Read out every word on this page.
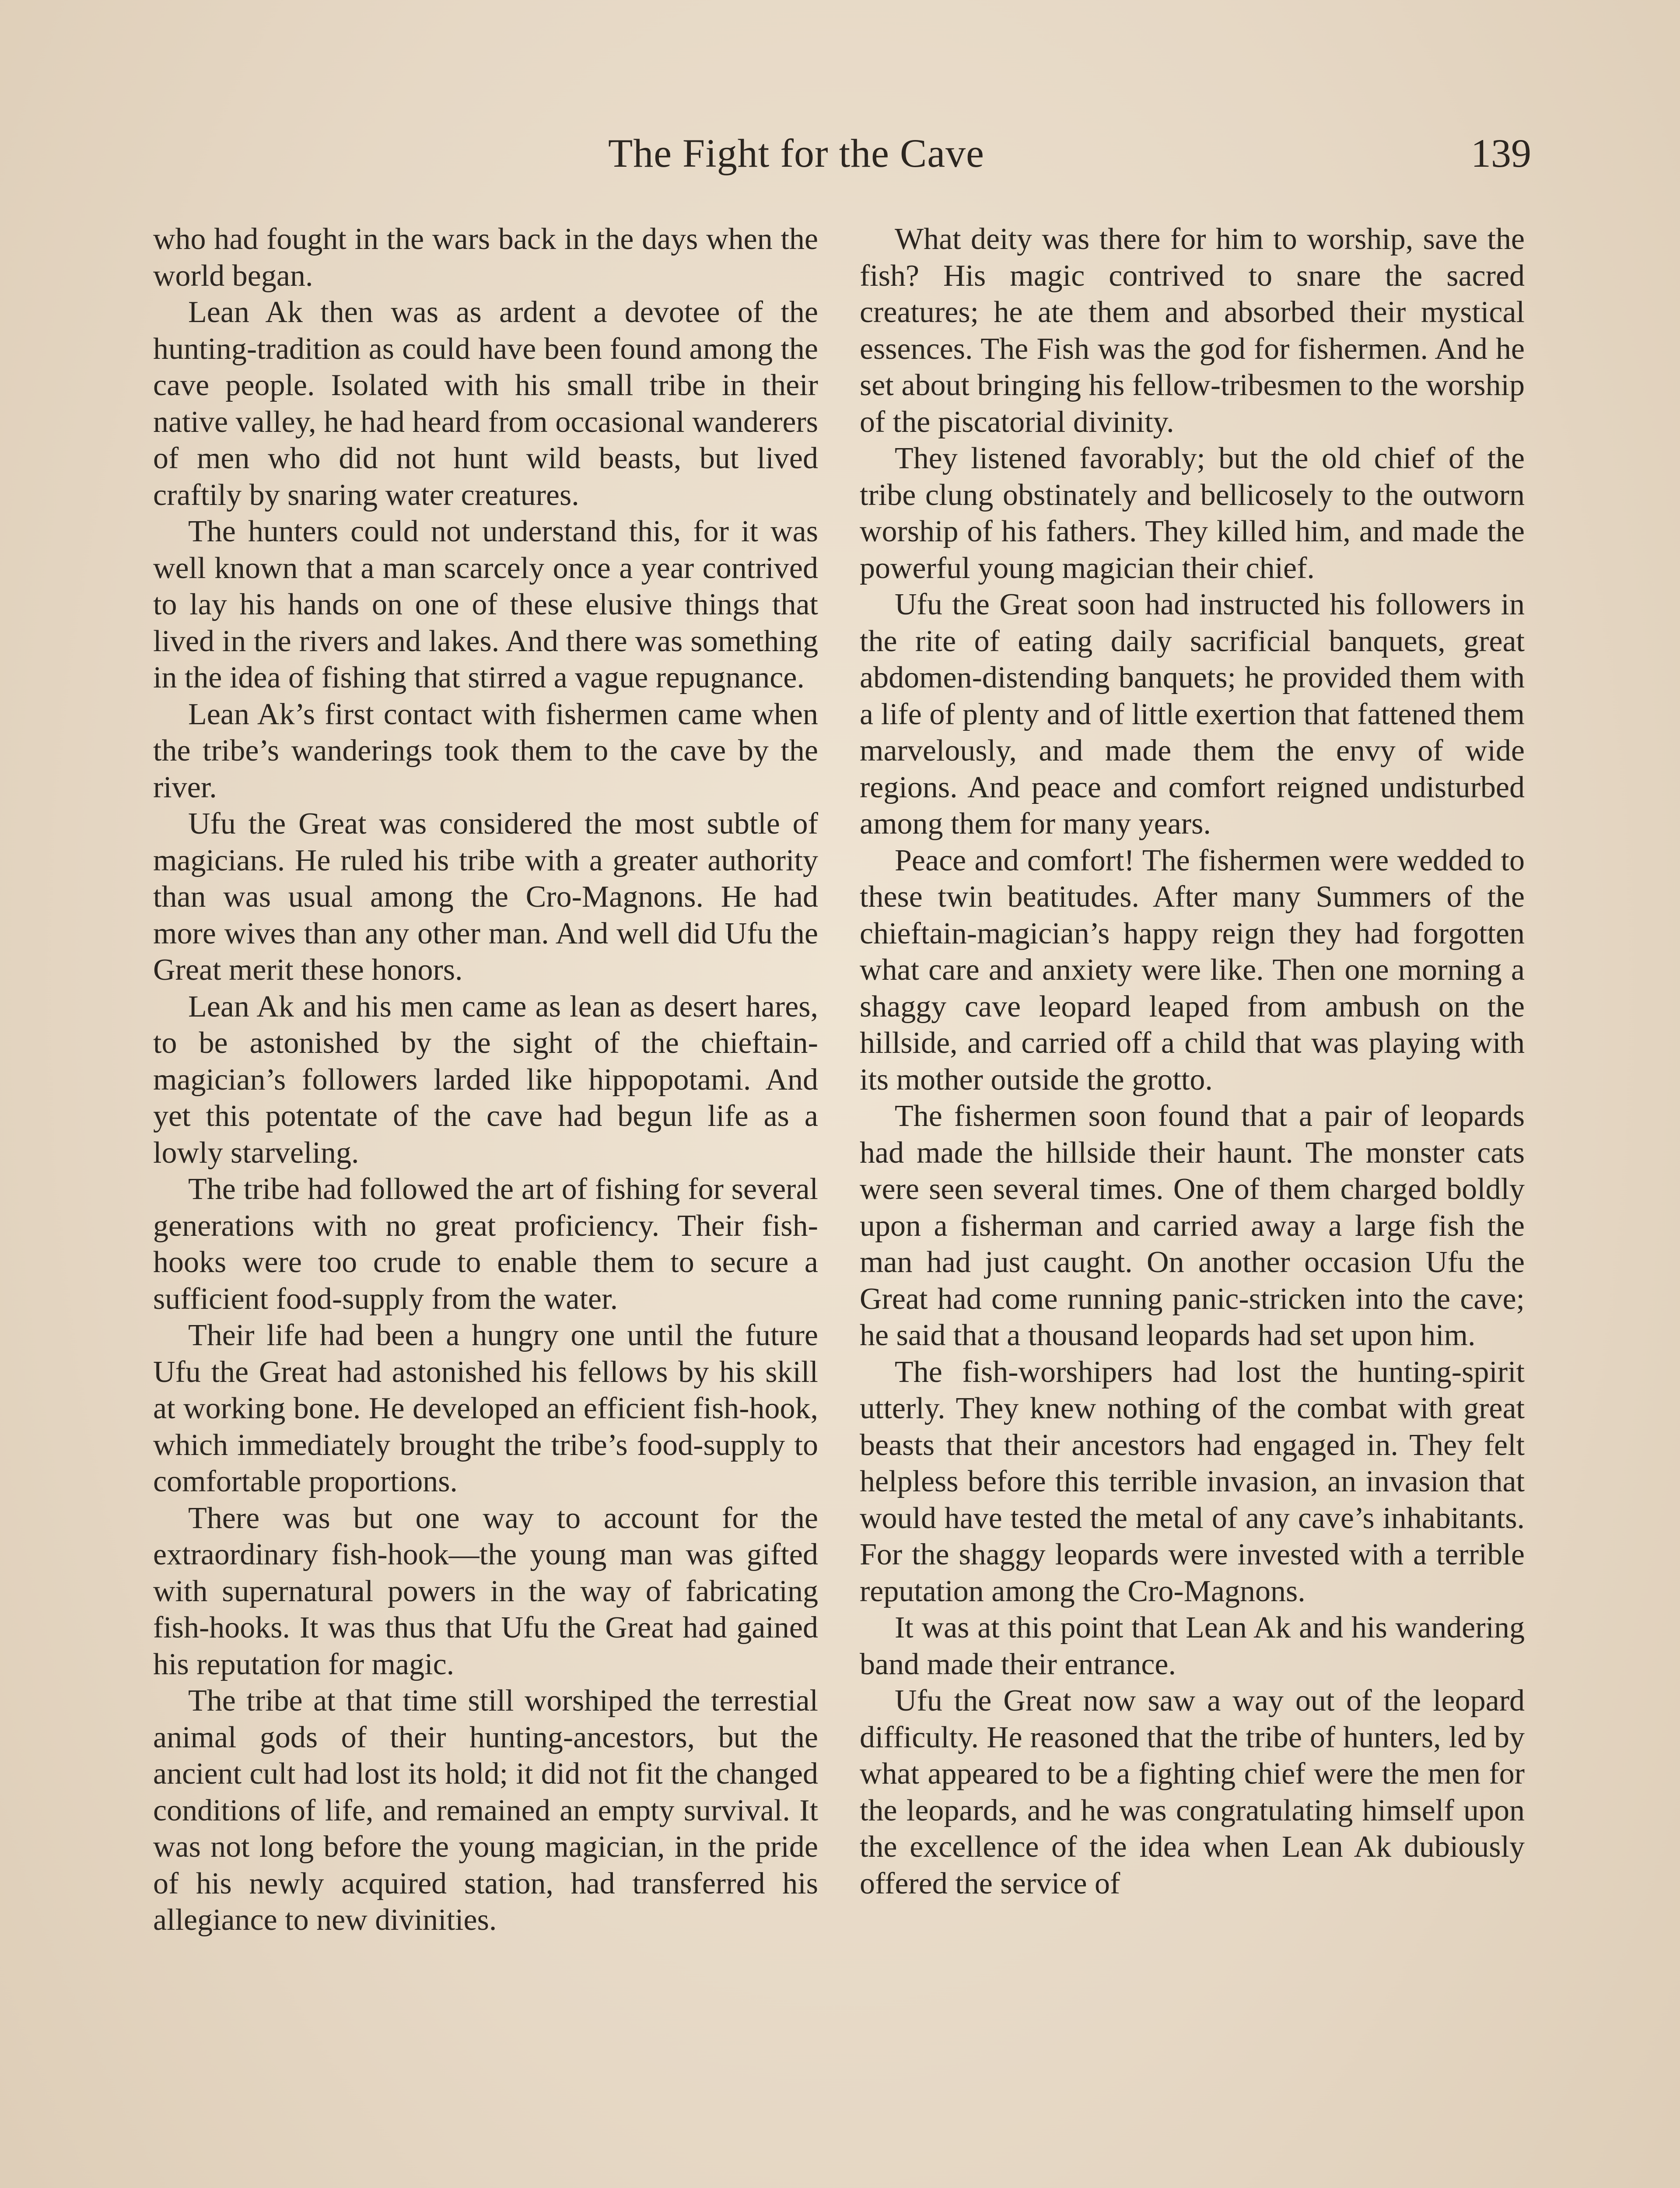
The Fight for the Cave	139

who had fought in the wars back in the days when the world began.

Lean Ak then was as ardent a devotee of the hunting-tradition as could have been found among the cave people. Isolated with his small tribe in their native valley, he had heard from occasional wanderers of men who did not hunt wild beasts, but lived craftily by snaring water creatures.

The hunters could not understand this, for it was well known that a man scarcely once a year contrived to lay his hands on one of these elusive things that lived in the rivers and lakes. And there was something in the idea of fishing that stirred a vague repugnance.

Lean Ak’s first contact with fishermen came when the tribe’s wanderings took them to the cave by the river.

Ufu the Great was considered the most subtle of magicians. He ruled his tribe with a greater authority than was usual among the Cro-Magnons. He had more wives than any other man. And well did Ufu the Great merit these honors.

Lean Ak and his men came as lean as desert hares, to be astonished by the sight of the chieftain-magician’s followers larded like hippopotami. And yet this potentate of the cave had begun life as a lowly starveling.

The tribe had followed the art of fishing for several generations with no great proficiency. Their fish-hooks were too crude to enable them to secure a sufficient food-supply from the water.

Their life had been a hungry one until the future Ufu the Great had astonished his fellows by his skill at working bone. He developed an efficient fish-hook, which immediately brought the tribe’s food-supply to comfortable proportions.

There was but one way to account for the extraordinary fish-hook—the young man was gifted with supernatural powers in the way of fabricating fish-hooks. It was thus that Ufu the Great had gained his reputation for magic.

The tribe at that time still worshiped the terrestial animal gods of their hunting-ancestors, but the ancient cult had lost its hold; it did not fit the changed conditions of life, and remained an empty survival. It was not long before the young magician, in the pride of his newly acquired station, had transferred his allegiance to new divinities.

What deity was there for him to worship, save the fish? His magic contrived to snare the sacred creatures; he ate them and absorbed their mystical essences. The Fish was the god for fishermen. And he set about bringing his fellow-tribesmen to the worship of the piscatorial divinity.

They listened favorably; but the old chief of the tribe clung obstinately and bellicosely to the outworn worship of his fathers. They killed him, and made the powerful young magician their chief.

Ufu the Great soon had instructed his followers in the rite of eating daily sacrificial banquets, great abdomen-distending banquets; he provided them with a life of plenty and of little exertion that fattened them marvelously, and made them the envy of wide regions. And peace and comfort reigned undisturbed among them for many years.

Peace and comfort! The fishermen were wedded to these twin beatitudes. After many Summers of the chieftain-magician’s happy reign they had forgotten what care and anxiety were like. Then one morning a shaggy cave leopard leaped from ambush on the hillside, and carried off a child that was playing with its mother outside the grotto.

The fishermen soon found that a pair of leopards had made the hillside their haunt. The monster cats were seen several times. One of them charged boldly upon a fisherman and carried away a large fish the man had just caught. On another occasion Ufu the Great had come running panic-stricken into the cave; he said that a thousand leopards had set upon him.

The fish-worshipers had lost the hunting-spirit utterly. They knew nothing of the combat with great beasts that their ancestors had engaged in. They felt helpless before this terrible invasion, an invasion that would have tested the metal of any cave’s inhabitants. For the shaggy leopards were invested with a terrible reputation among the Cro-Magnons.

It was at this point that Lean Ak and his wandering band made their entrance.

Ufu the Great now saw a way out of the leopard difficulty. He reasoned that the tribe of hunters, led by what appeared to be a fighting chief were the men for the leopards, and he was congratulating himself upon the excellence of the idea when Lean Ak dubiously offered the service of
